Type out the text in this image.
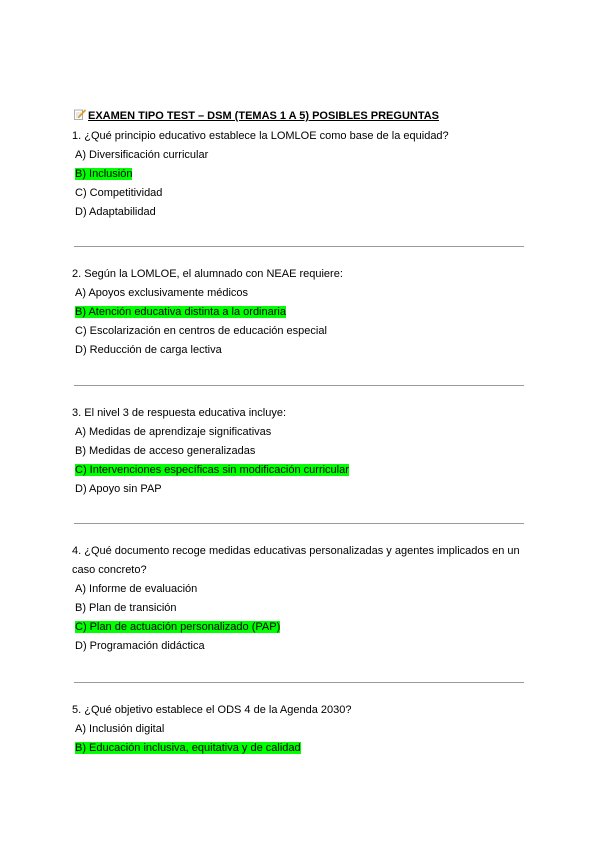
EXAMEN TIPO TEST – DSM (TEMAS 1 A 5) POSIBLES PREGUNTAS
1. ¿Qué principio educativo establece la LOMLOE como base de la equidad?
A) Diversificación curricular
B) Inclusión
C) Competitividad
D) Adaptabilidad
2. Según la LOMLOE, el alumnado con NEAE requiere:
A) Apoyos exclusivamente médicos
B) Atención educativa distinta a la ordinaria
C) Escolarización en centros de educación especial
D) Reducción de carga lectiva
3. El nivel 3 de respuesta educativa incluye:
A) Medidas de aprendizaje significativas
B) Medidas de acceso generalizadas
C) Intervenciones específicas sin modificación curricular
D) Apoyo sin PAP
4. ¿Qué documento recoge medidas educativas personalizadas y agentes implicados en un caso concreto?
A) Informe de evaluación
B) Plan de transición
C) Plan de actuación personalizado (PAP)
D) Programación didáctica
5. ¿Qué objetivo establece el ODS 4 de la Agenda 2030?
A) Inclusión digital
B) Educación inclusiva, equitativa y de calidad
